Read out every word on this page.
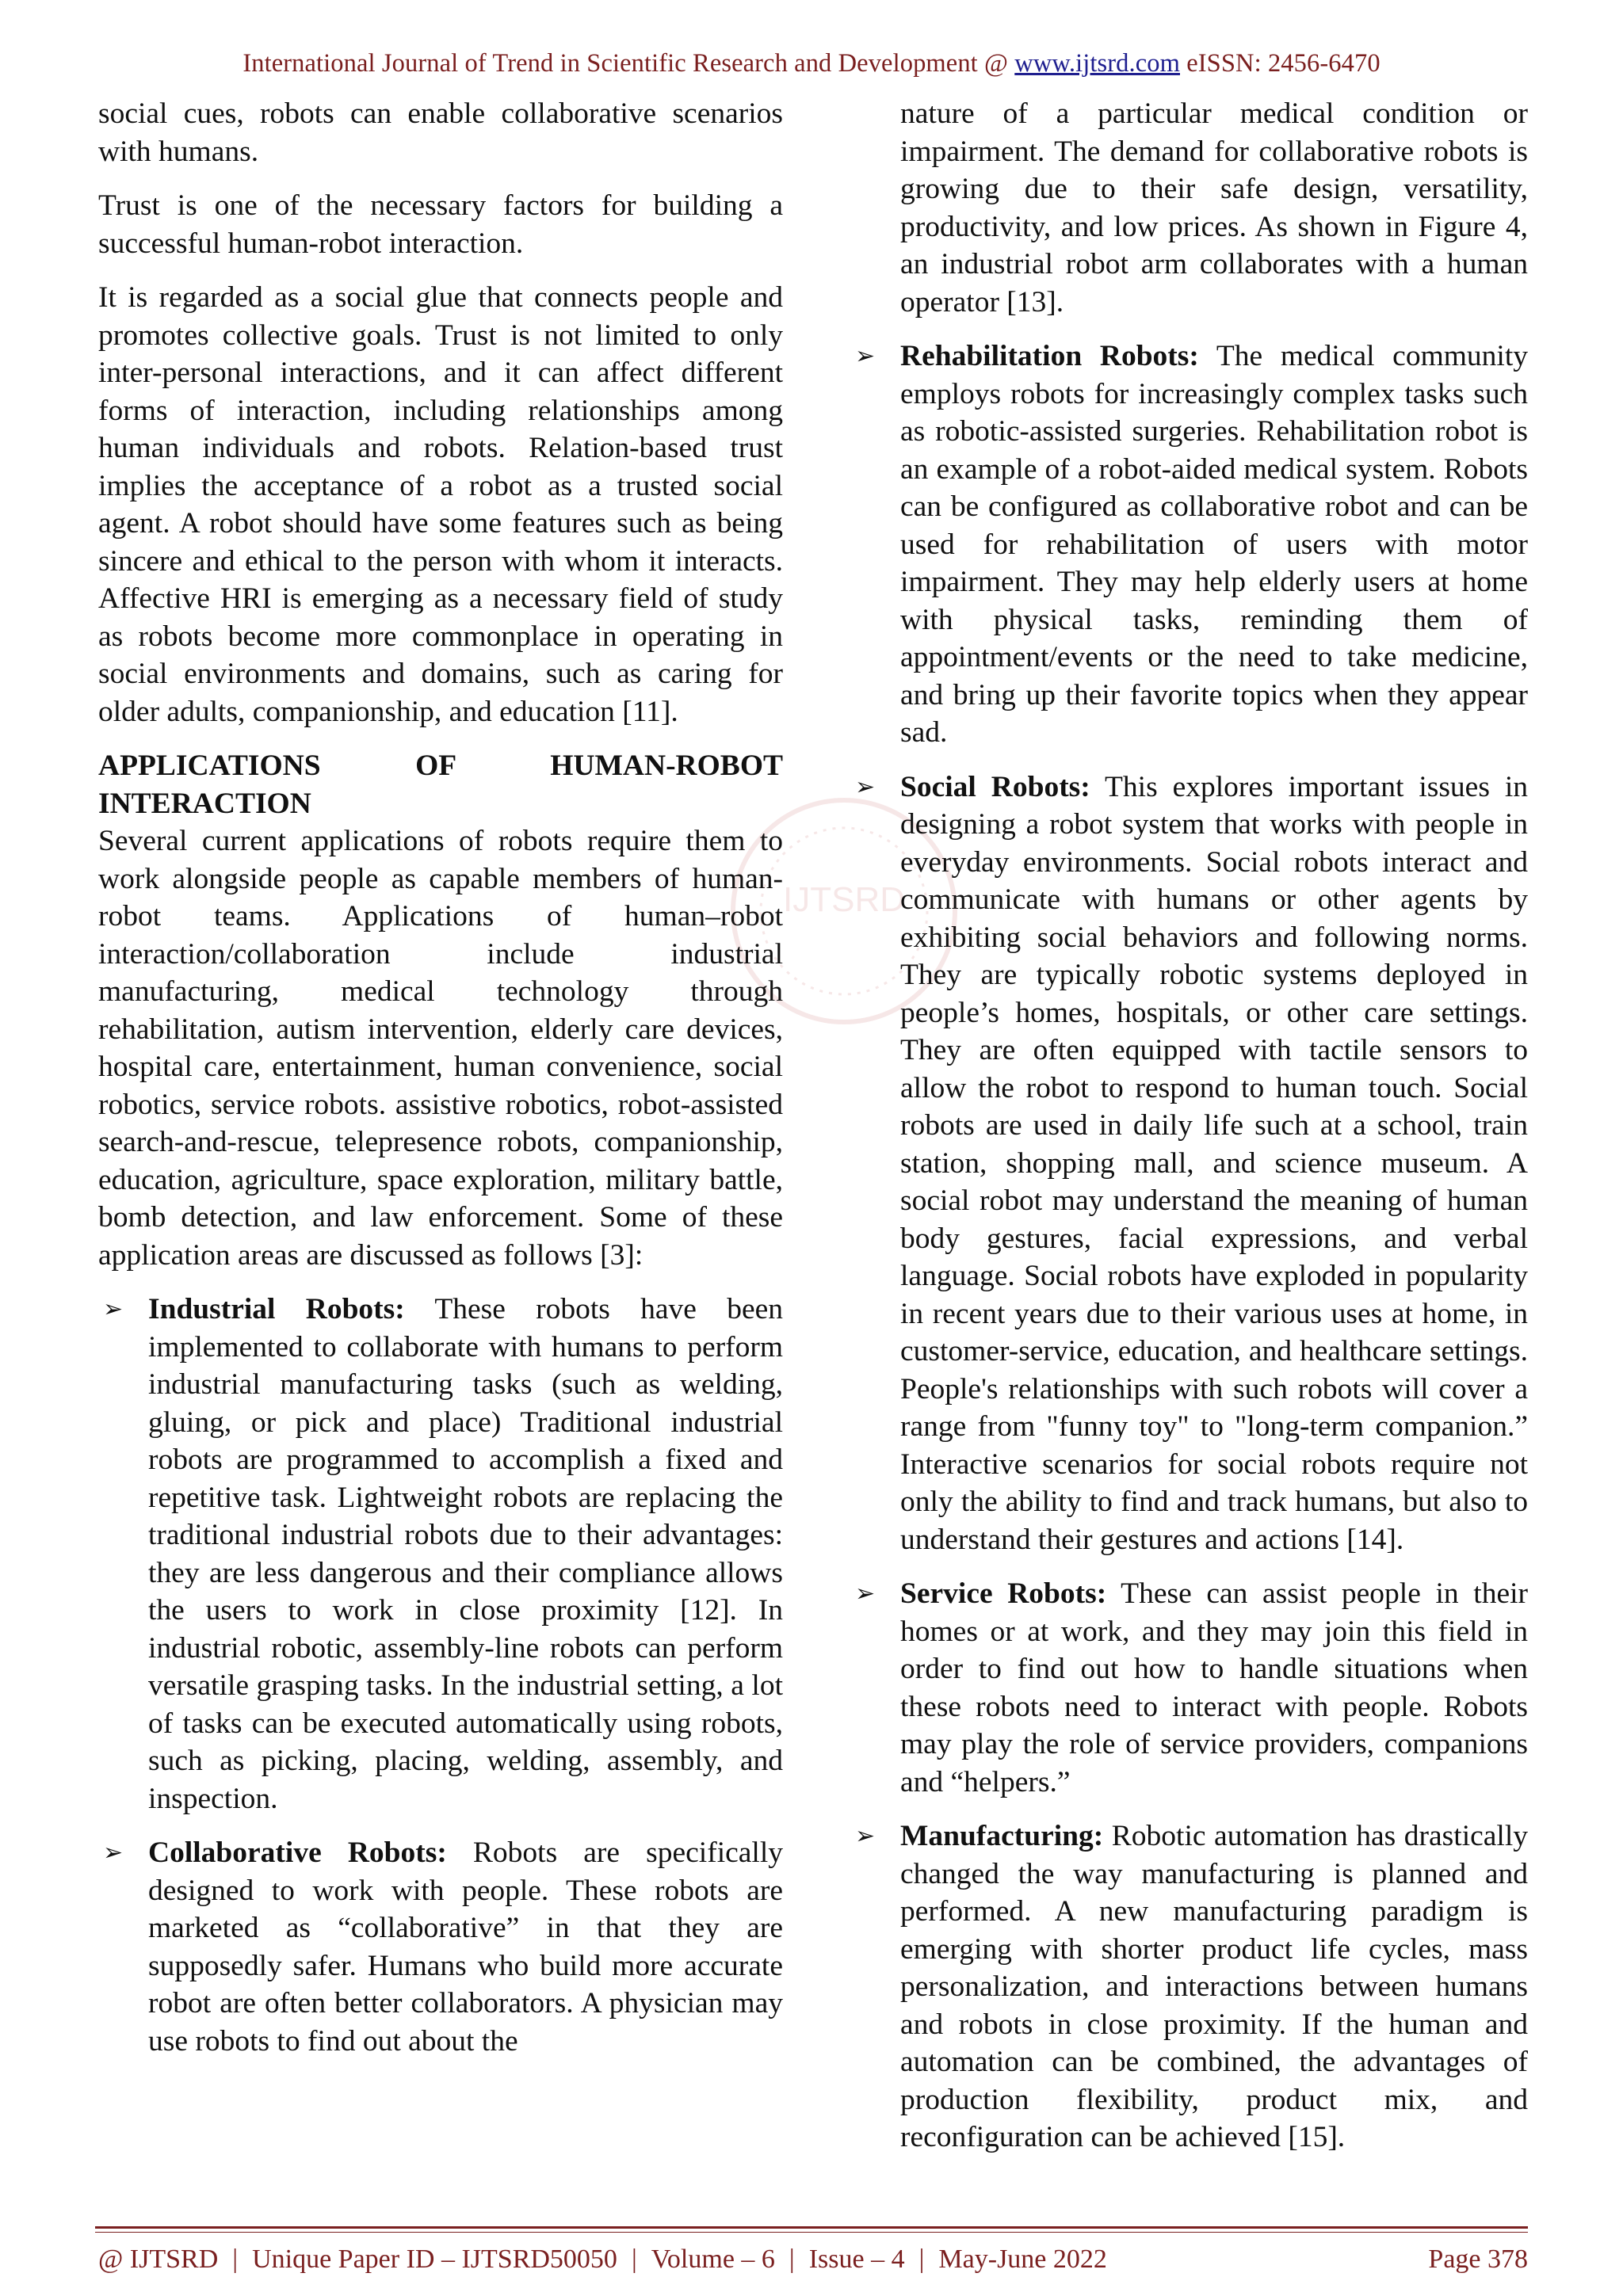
International Journal of Trend in Scientific Research and Development @ www.ijtsrd.com eISSN: 2456-6470
IJTSRD

social cues, robots can enable collaborative scenarios with humans.

Trust is one of the necessary factors for building a successful human-robot interaction.

It is regarded as a social glue that connects people and promotes collective goals. Trust is not limited to only inter-personal interactions, and it can affect different forms of interaction, including relationships among human individuals and robots. Relation-based trust implies the acceptance of a robot as a trusted social agent. A robot should have some features such as being sincere and ethical to the person with whom it interacts. Affective HRI is emerging as a necessary field of study as robots become more commonplace in operating in social environments and domains, such as caring for older adults, companionship, and education [11].

APPLICATIONS OF HUMAN-ROBOT
INTERACTION

Several current applications of robots require them to work alongside people as capable members of human-robot teams. Applications of human–robot interaction/collaboration include industrial manufacturing, medical technology through rehabilitation, autism intervention, elderly care devices, hospital care, entertainment, human convenience, social robotics, service robots. assistive robotics, robot-assisted search-and-rescue, telepresence robots, companionship, education, agriculture, space exploration, military battle, bomb detection, and law enforcement. Some of these application areas are discussed as follows [3]:

➢ Industrial Robots: These robots have been implemented to collaborate with humans to perform industrial manufacturing tasks (such as welding, gluing, or pick and place) Traditional industrial robots are programmed to accomplish a fixed and repetitive task. Lightweight robots are replacing the traditional industrial robots due to their advantages: they are less dangerous and their compliance allows the users to work in close proximity [12]. In industrial robotic, assembly-line robots can perform versatile grasping tasks. In the industrial setting, a lot of tasks can be executed automatically using robots, such as picking, placing, welding, assembly, and inspection.
➢ Collaborative Robots: Robots are specifically designed to work with people. These robots are marketed as “collaborative” in that they are supposedly safer. Humans who build more accurate robot are often better collaborators. A physician may use robots to find out about the
nature of a particular medical condition or impairment. The demand for collaborative robots is growing due to their safe design, versatility, productivity, and low prices. As shown in Figure 4, an industrial robot arm collaborates with a human operator [13].
➢ Rehabilitation Robots: The medical community employs robots for increasingly complex tasks such as robotic-assisted surgeries. Rehabilitation robot is an example of a robot-aided medical system. Robots can be configured as collaborative robot and can be used for rehabilitation of users with motor impairment. They may help elderly users at home with physical tasks, reminding them of appointment/events or the need to take medicine, and bring up their favorite topics when they appear sad.
➢ Social Robots: This explores important issues in designing a robot system that works with people in everyday environments. Social robots interact and communicate with humans or other agents by exhibiting social behaviors and following norms. They are typically robotic systems deployed in people’s homes, hospitals, or other care settings. They are often equipped with tactile sensors to allow the robot to respond to human touch. Social robots are used in daily life such at a school, train station, shopping mall, and science museum. A social robot may understand the meaning of human body gestures, facial expressions, and verbal language. Social robots have exploded in popularity in recent years due to their various uses at home, in customer-service, education, and healthcare settings. People's relationships with such robots will cover a range from "funny toy" to "long-term companion.” Interactive scenarios for social robots require not only the ability to find and track humans, but also to understand their gestures and actions [14].
➢ Service Robots: These can assist people in their homes or at work, and they may join this field in order to find out how to handle situations when these robots need to interact with people. Robots may play the role of service providers, companions and “helpers.”
➢ Manufacturing: Robotic automation has drastically changed the way manufacturing is planned and performed. A new manufacturing paradigm is emerging with shorter product life cycles, mass personalization, and interactions between humans and robots in close proximity. If the human and automation can be combined, the advantages of production flexibility, product mix, and reconfiguration can be achieved [15].
@ IJTSRD | Unique Paper ID – IJTSRD50050 | Volume – 6 | Issue – 4 | May-June 2022	Page 378
